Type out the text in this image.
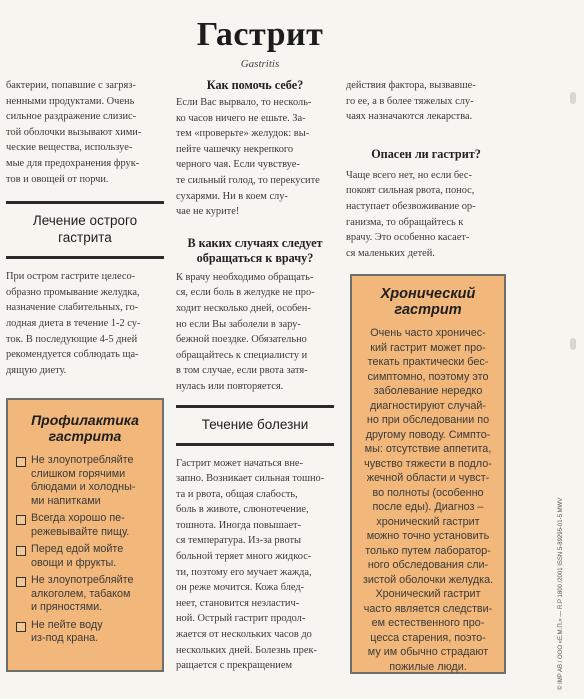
Гастрит
Gastritis
бактерии, попавшие с загряз-
ненными продуктами. Очень
сильное раздражение слизис-
той оболочки вызывают хими-
ческие вещества, используе-
мые для предохранения фрук-
тов и овощей от порчи.
Лечение острого
гастрита
При остром гастрите целесо-
образно промывание желудка,
назначение слабительных, го-
лодная диета в течение 1-2 су-
ток. В последующие 4-5 дней
рекомендуется соблюдать ща-
дящую диету.
Профилактика
гастрита
Не злоупотребляйте
слишком горячими
блюдами и холодны-
ми напитками
Всегда хорошо пе-
режевывайте пищу.
Перед едой мойте
овощи и фрукты.
Не злоупотребляйте
алкоголем, табаком
и пряностями.
Не пейте воду
из-под крана.
Как помочь себе?
Если Вас вырвало, то несколь-
ко часов ничего не ешьте. За-
тем «проверьте» желудок: вы-
пейте чашечку некрепкого
черного чая. Если чувствуе-
те сильный голод, то перекусите
сухарями. Ни в коем слу-
чае не курите!
В каких случаях следует
обращаться к врачу?
К врачу необходимо обращать-
ся, если боль в желудке не про-
ходит несколько дней, особен-
но если Вы заболели в зару-
бежной поездке. Обязательно
обращайтесь к специалисту и
в том случае, если рвота затя-
нулась или повторяется.
Течение болезни
Гастрит может начаться вне-
запно. Возникает сильная тошно-
та и рвота, общая слабость,
боль в животе, слюнотечение,
тошнота. Иногда повышает-
ся температура. Из-за рвоты
больной теряет много жидкос-
ти, поэтому его мучает жажда,
он реже мочится. Кожа блед-
неет, становится неэластич-
ной. Острый гастрит продол-
жается от нескольких часов до
нескольких дней. Болезнь прек-
ращается с прекращением
действия фактора, вызвавше-
го ее, а в более тяжелых слу-
чаях назначаются лекарства.
Опасен ли гастрит?
Чаще всего нет, но если бес-
покоят сильная рвота, понос,
наступает обезвоживание ор-
ганизма, то обращайтесь к
врачу. Это особенно касает-
ся маленьких детей.
Хронический
гастрит
Очень часто хроничес-
кий гастрит может про-
текать практически бес-
симптомно, поэтому это
заболевание нередко
диагностируют случай-
но при обследовании по
другому поводу. Симпто-
мы: отсутствие аппетита,
чувство тяжести в подло-
жечной области и чувст-
во полноты (особенно
после еды). Диагноз –
хронический гастрит
можно точно установить
только путем лаборатор-
ного обследования сли-
зистой оболочки желудка.
Хронический гастрит
часто является следстви-
ем естественного про-
цесса старения, поэто-
му им обычно страдают
пожилые люди.	© IMP AB / ООО «Е.М.П.» — R.P 1800 /2001 ISSN 5-89295-01-5 MWV
